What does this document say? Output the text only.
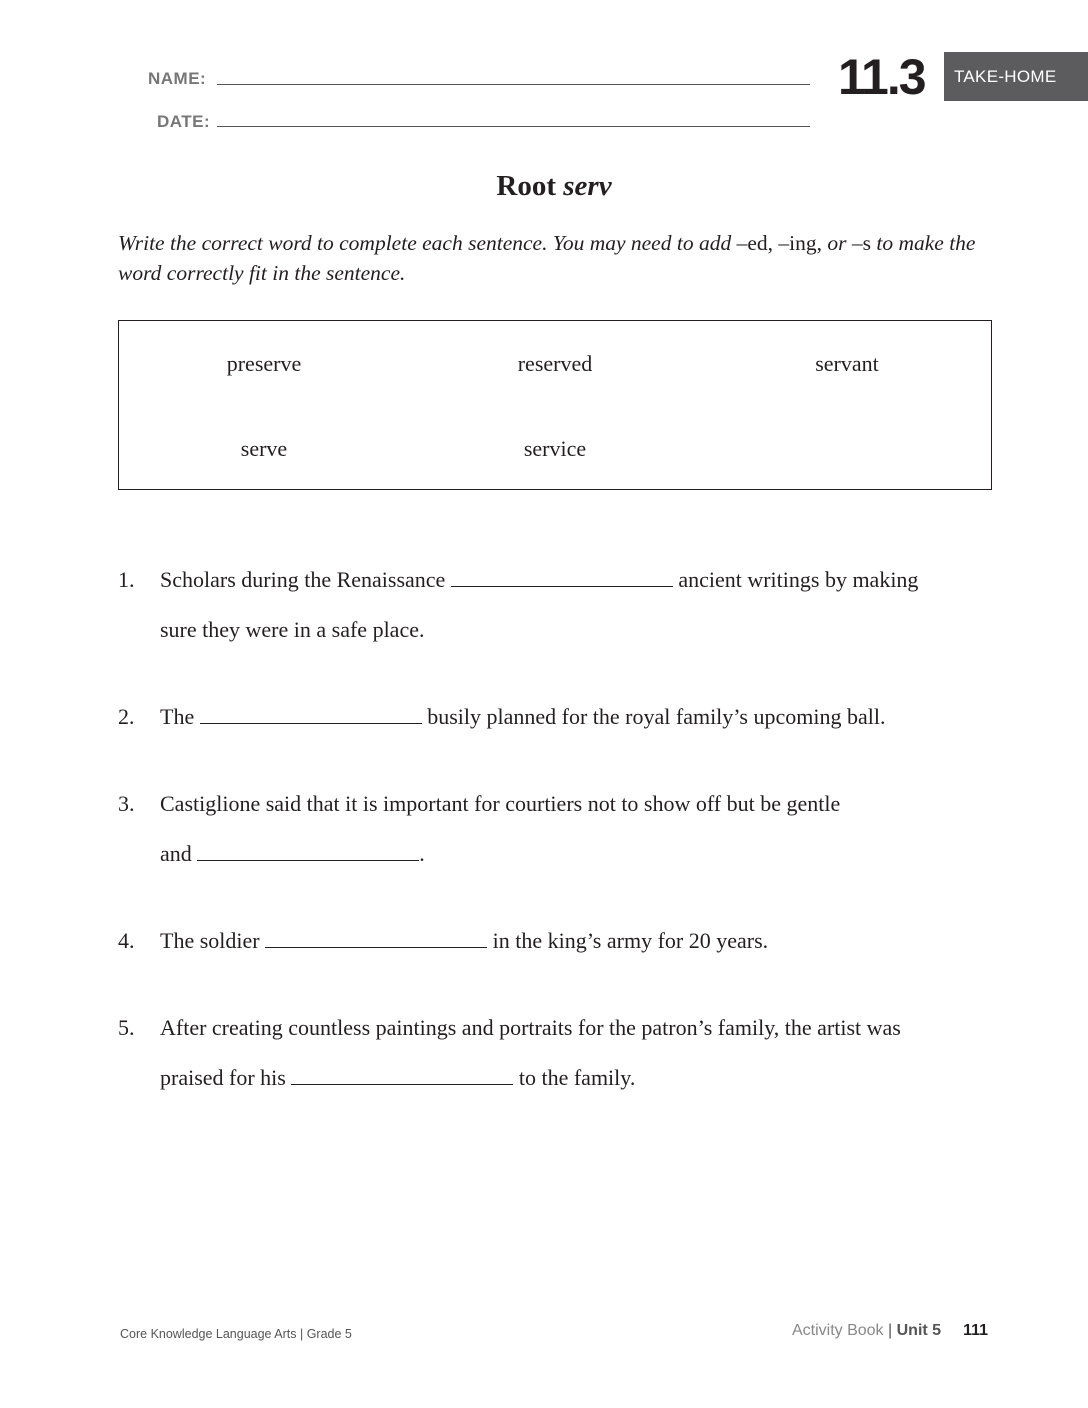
NAME:
DATE:
11.3	TAKE-HOME
Root serv
Write the correct word to complete each sentence. You may need to add –ed, –ing, or –s to make the word correctly fit in the sentence.
preserve	reserved	servant
serve	service
1.	Scholars during the Renaissance	ancient writings by making
sure they were in a safe place.
2.	The	busily planned for the royal family’s upcoming ball.
3.	Castiglione said that it is important for courtiers not to show off but be gentle
and	.
4.	The soldier	in the king’s army for 20 years.
5.	After creating countless paintings and portraits for the patron’s family, the artist was
praised for his	to the family.
Core Knowledge Language Arts | Grade 5	Activity Book | Unit 5 111
